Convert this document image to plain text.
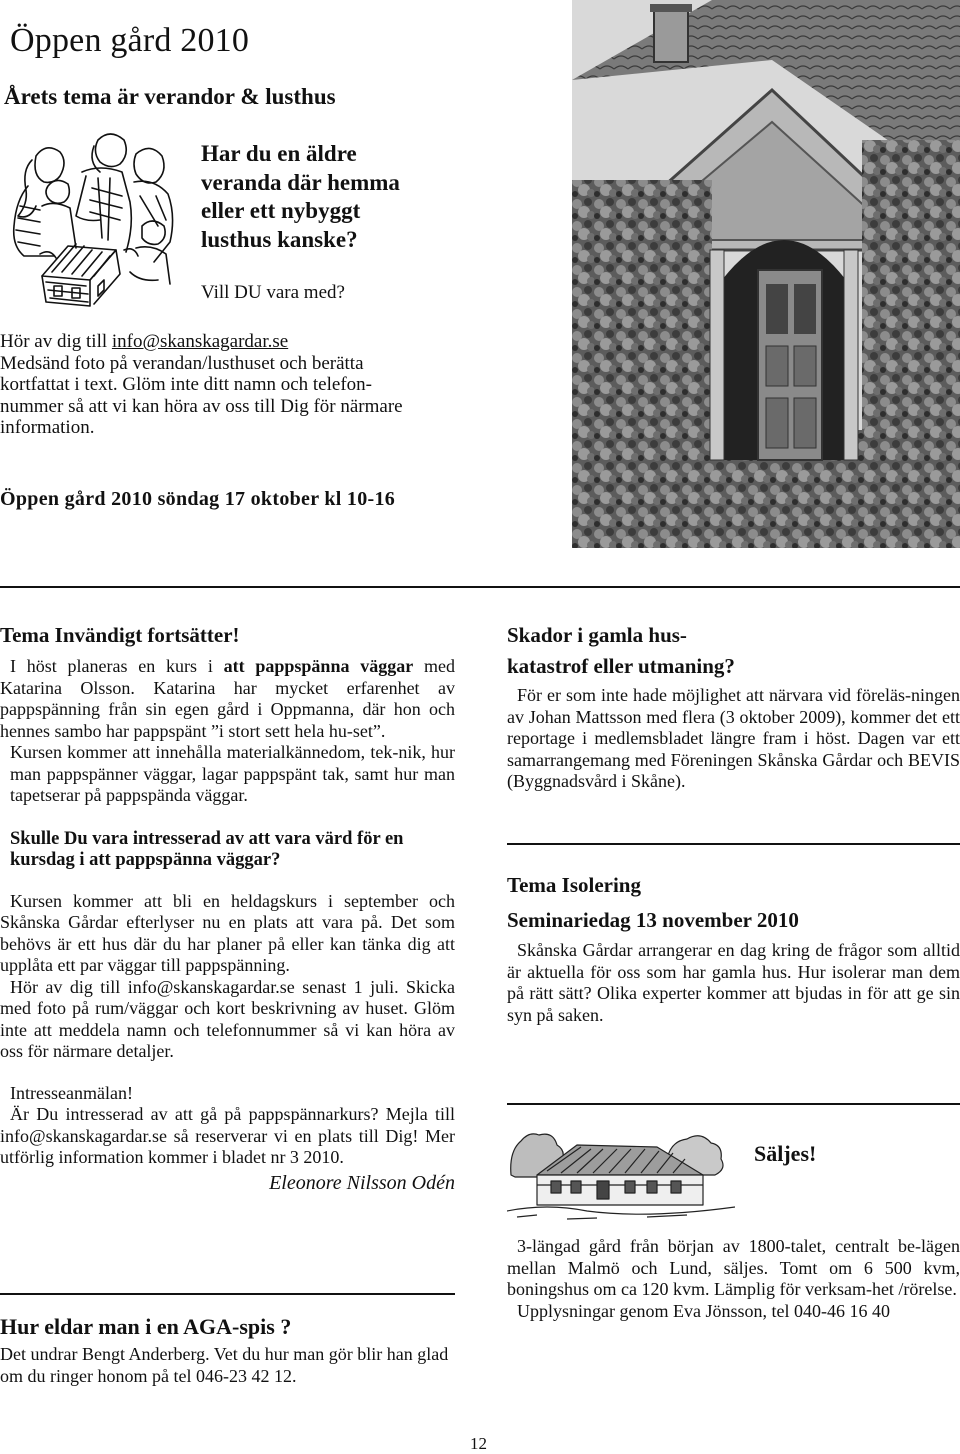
Öppen gård 2010
Årets tema är verandor & lusthus
Har du en äldre
veranda där hemma
eller ett nybyggt
lusthus kanske?
Vill DU vara med?

Hör av dig till info@skanskagardar.se

Medsänd foto på verandan/lusthuset och berätta

kortfattat i text. Glöm inte ditt namn och telefon-

nummer så att vi kan höra av oss till Dig för närmare

information.

Öppen gård 2010 söndag 17 oktober kl 10-16
Tema Invändigt fortsätter!

I höst planeras en kurs i att pappspänna väggar med Katarina Olsson. Katarina har mycket erfarenhet av pappspänning från sin egen gård i Oppmanna, där hon och hennes sambo har pappspänt ”i stort sett hela hu-set”.

Kursen kommer att innehålla materialkännedom, tek-nik, hur man pappspänner väggar, lagar pappspänt tak, samt hur man tapetserar på pappspända väggar.

Skulle Du vara intresserad av att vara värd för en kursdag i att pappspänna väggar?

Kursen kommer att bli en heldagskurs i september och Skånska Gårdar efterlyser nu en plats att vara på. Det som behövs är ett hus där du har planer på eller kan tänka dig att upplåta ett par väggar till pappspänning.

Hör av dig till info@skanskagardar.se senast 1 juli. Skicka med foto på rum/väggar och kort beskrivning av huset. Glöm inte att meddela namn och telefonnummer så vi kan höra av oss för närmare detaljer.

Intresseanmälan!

Är Du intresserad av att gå på pappspännarkurs? Mejla till info@skanskagardar.se så reserverar vi en plats till Dig! Mer utförlig information kommer i bladet nr 3 2010.

Eleonore Nilsson Odén

Hur eldar man i en AGA-spis ?

Det undrar Bengt Anderberg. Vet du hur man gör blir han glad om du ringer honom på tel 046-23 42 12.

Skador i gamla hus-
katastrof eller utmaning?

För er som inte hade möjlighet att närvara vid föreläs-ningen av Johan Mattsson med flera (3 oktober 2009), kommer det ett reportage i medlemsbladet längre fram i höst. Dagen var ett samarrangemang med Föreningen Skånska Gårdar och BEVIS (Byggnadsvård i Skåne).

Tema Isolering
Seminariedag 13 november 2010

Skånska Gårdar arrangerar en dag kring de frågor som alltid är aktuella för oss som har gamla hus. Hur isolerar man dem på rätt sätt? Olika experter kommer att bjudas in för att ge sin syn på saken.

Säljes!

3-längad gård från början av 1800-talet, centralt be-lägen mellan Malmö och Lund, säljes. Tomt om 6 500 kvm, boningshus om ca 120 kvm. Lämplig för verksam-het /rörelse.

Upplysningar genom Eva Jönsson, tel 040-46 16 40

12
